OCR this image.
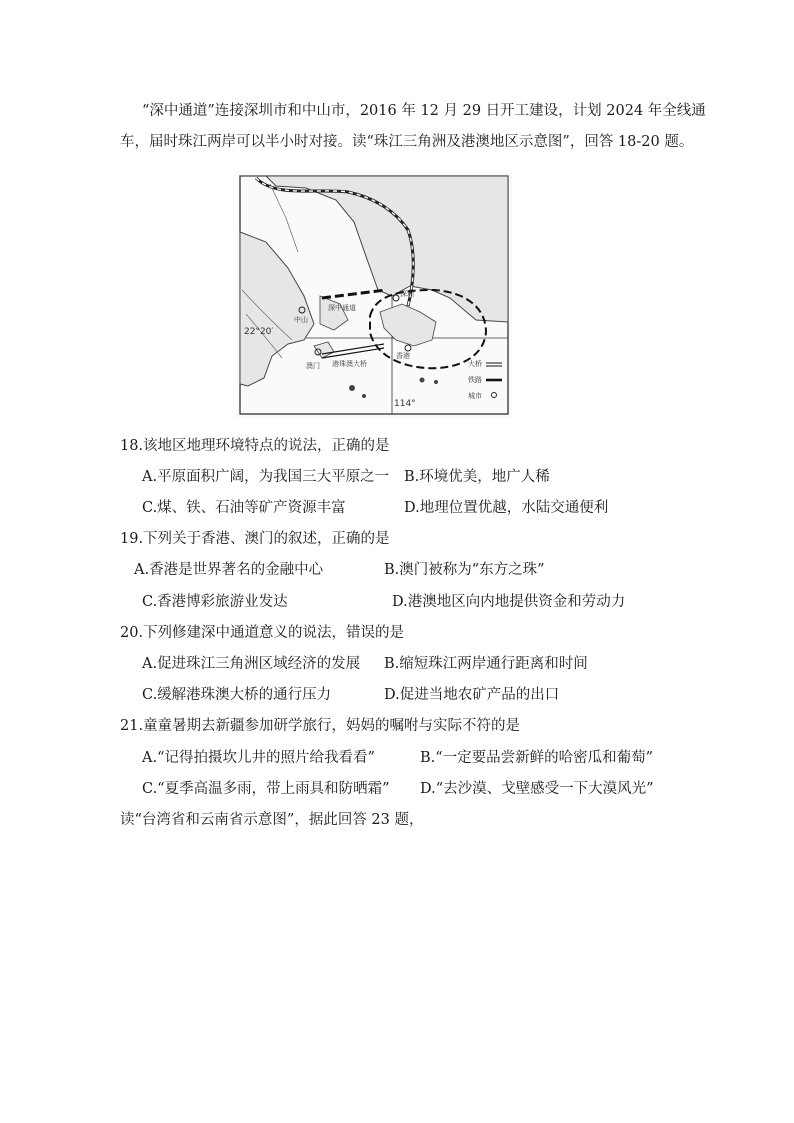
“深中通道”连接深圳市和中山市，2016 年 12 月 29 日开工建设，计划 2024 年全线通
车，届时珠江两岸可以半小时对接。读“珠江三角洲及港澳地区示意图”，回答 18-20 题。
深中通道
中山
深圳
香港
澳门 港珠澳大桥
22°20′
114°
大桥
铁路
城市
18.该地区地理环境特点的说法，正确的是
A.平原面积广阔，为我国三大平原之一 B.环境优美，地广人稀
C.煤、铁、石油等矿产资源丰富	D.地理位置优越，水陆交通便利
19.下列关于香港、澳门的叙述，正确的是
A.香港是世界著名的金融中心	B.澳门被称为“东方之珠”
C.香港博彩旅游业发达	D.港澳地区向内地提供资金和劳动力
20.下列修建深中通道意义的说法，错误的是
A.促进珠江三角洲区域经济的发展 B.缩短珠江两岸通行距离和时间
C.缓解港珠澳大桥的通行压力	D.促进当地农矿产品的出口
21.童童暑期去新疆参加研学旅行，妈妈的嘱咐与实际不符的是
A.“记得拍摄坎儿井的照片给我看看”	B.“一定要品尝新鲜的哈密瓜和葡萄”
C.“夏季高温多雨，带上雨具和防晒霜” D.“去沙漠、戈壁感受一下大漠风光”
读“台湾省和云南省示意图”，据此回答 23 题，
